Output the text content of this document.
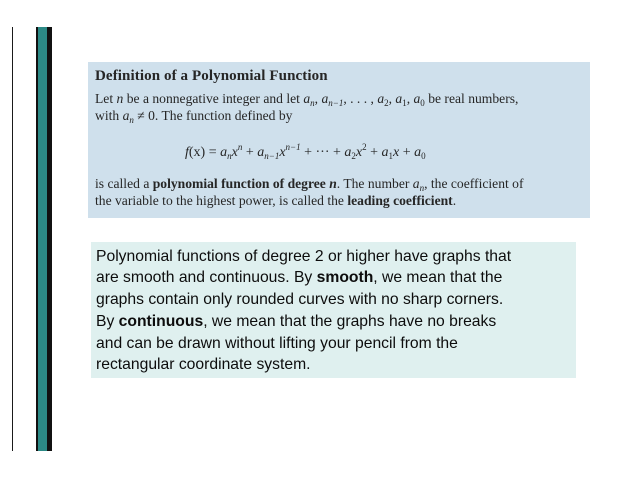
Definition of a Polynomial Function
Let n be a nonnegative integer and let $a_n$, $a_{n-1}$, . . . , $a_2$, $a_1$, $a_0$ be real numbers,
with $a_n \ne 0$. The function defined by
$f(x) = a_nx^n + a_{n-1}x^{n-1}$ + ··· + $a_2x^2 + a_1x + a_0$
is called a polynomial function of degree n. The number $a_n$, the coefficient of
the variable to the highest power, is called the leading coefficient.
Polynomial functions of degree 2 or higher have graphs that
are smooth and continuous. By smooth, we mean that the
graphs contain only rounded curves with no sharp corners.
By continuous, we mean that the graphs have no breaks
and can be drawn without lifting your pencil from the
rectangular coordinate system.
